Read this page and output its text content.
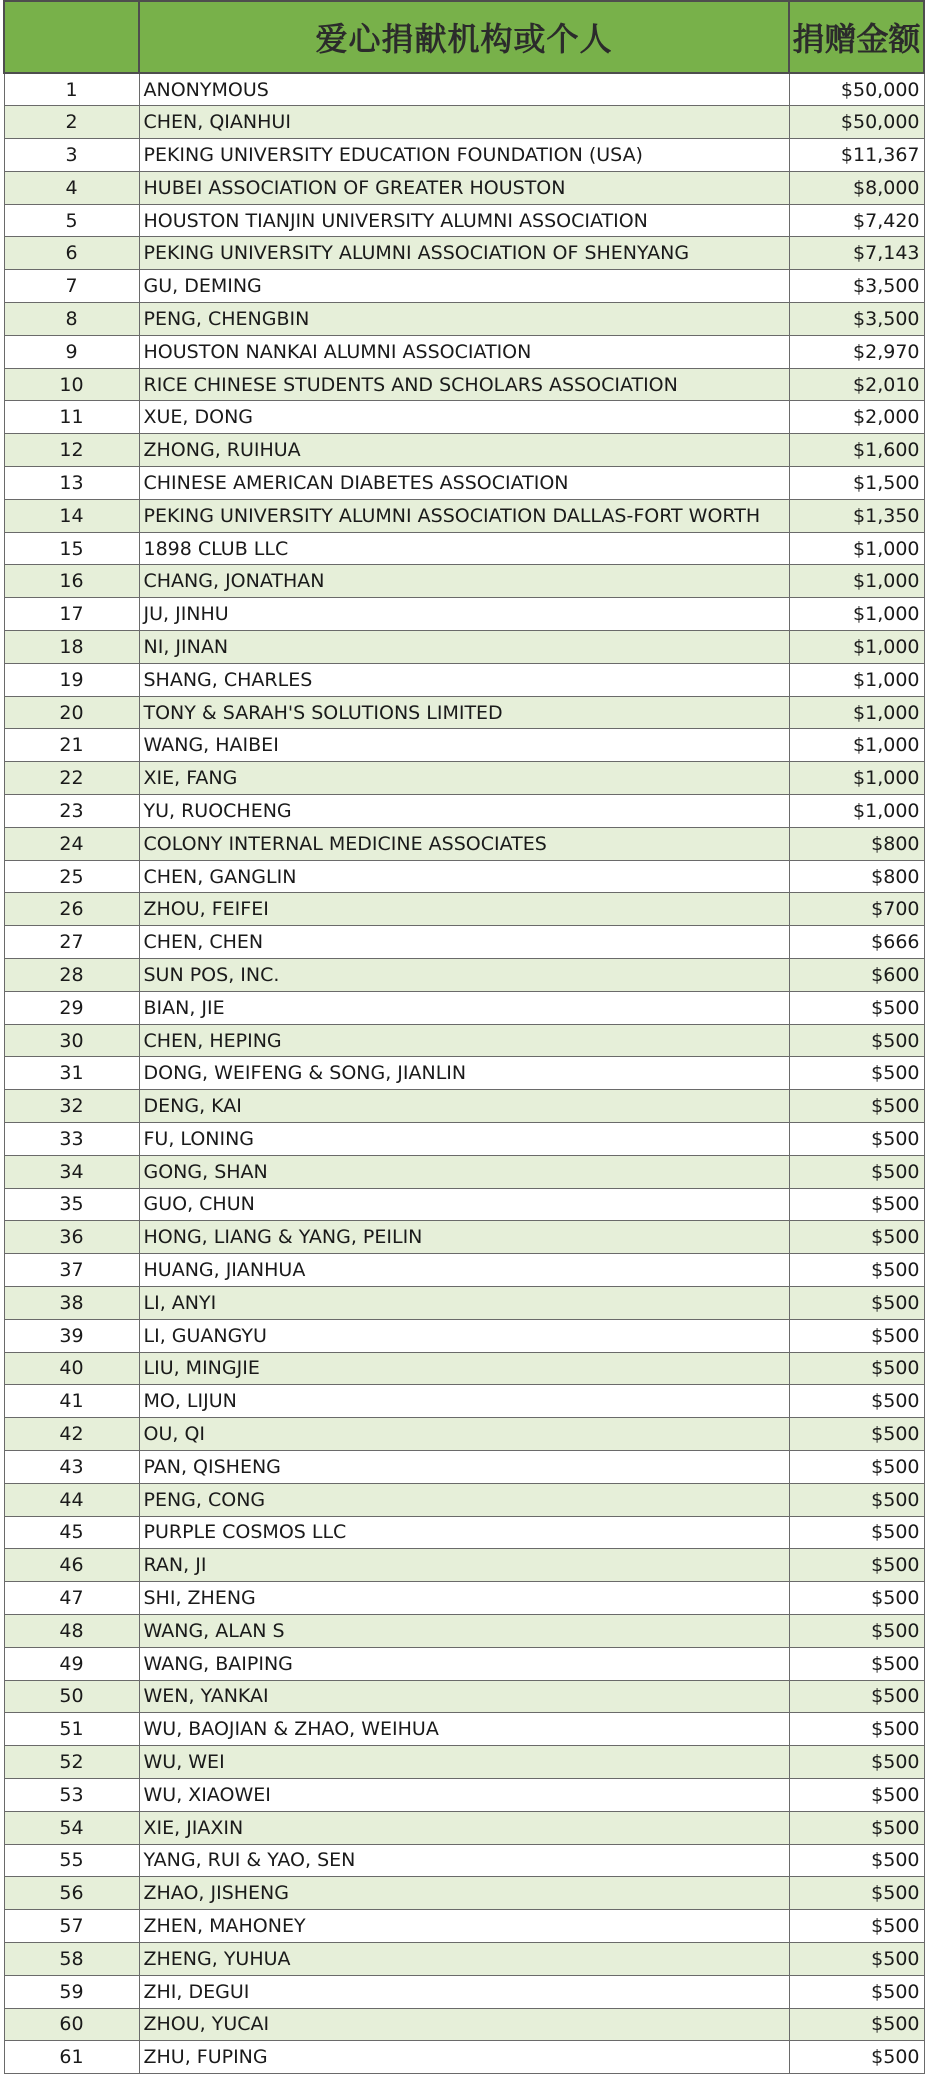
	爱心捐献机构或个人	捐赠金额
1	ANONYMOUS	$50,000
2	CHEN, QIANHUI	$50,000
3	PEKING UNIVERSITY EDUCATION FOUNDATION (USA)	$11,367
4	HUBEI ASSOCIATION OF GREATER HOUSTON	$8,000
5	HOUSTON TIANJIN UNIVERSITY ALUMNI ASSOCIATION	$7,420
6	PEKING UNIVERSITY ALUMNI ASSOCIATION OF SHENYANG	$7,143
7	GU, DEMING	$3,500
8	PENG, CHENGBIN	$3,500
9	HOUSTON NANKAI ALUMNI ASSOCIATION	$2,970
10	RICE CHINESE STUDENTS AND SCHOLARS ASSOCIATION	$2,010
11	XUE, DONG	$2,000
12	ZHONG, RUIHUA	$1,600
13	CHINESE AMERICAN DIABETES ASSOCIATION	$1,500
14	PEKING UNIVERSITY ALUMNI ASSOCIATION DALLAS-FORT WORTH	$1,350
15	1898 CLUB LLC	$1,000
16	CHANG, JONATHAN	$1,000
17	JU, JINHU	$1,000
18	NI, JINAN	$1,000
19	SHANG, CHARLES	$1,000
20	TONY & SARAH'S SOLUTIONS LIMITED	$1,000
21	WANG, HAIBEI	$1,000
22	XIE, FANG	$1,000
23	YU, RUOCHENG	$1,000
24	COLONY INTERNAL MEDICINE ASSOCIATES	$800
25	CHEN, GANGLIN	$800
26	ZHOU, FEIFEI	$700
27	CHEN, CHEN	$666
28	SUN POS, INC.	$600
29	BIAN, JIE	$500
30	CHEN, HEPING	$500
31	DONG, WEIFENG & SONG, JIANLIN	$500
32	DENG, KAI	$500
33	FU, LONING	$500
34	GONG, SHAN	$500
35	GUO, CHUN	$500
36	HONG, LIANG & YANG, PEILIN	$500
37	HUANG, JIANHUA	$500
38	LI, ANYI	$500
39	LI, GUANGYU	$500
40	LIU, MINGJIE	$500
41	MO, LIJUN	$500
42	OU, QI	$500
43	PAN, QISHENG	$500
44	PENG, CONG	$500
45	PURPLE COSMOS LLC	$500
46	RAN, JI	$500
47	SHI, ZHENG	$500
48	WANG, ALAN S	$500
49	WANG, BAIPING	$500
50	WEN, YANKAI	$500
51	WU, BAOJIAN & ZHAO, WEIHUA	$500
52	WU, WEI	$500
53	WU, XIAOWEI	$500
54	XIE, JIAXIN	$500
55	YANG, RUI & YAO, SEN	$500
56	ZHAO, JISHENG	$500
57	ZHEN, MAHONEY	$500
58	ZHENG, YUHUA	$500
59	ZHI, DEGUI	$500
60	ZHOU, YUCAI	$500
61	ZHU, FUPING	$500
